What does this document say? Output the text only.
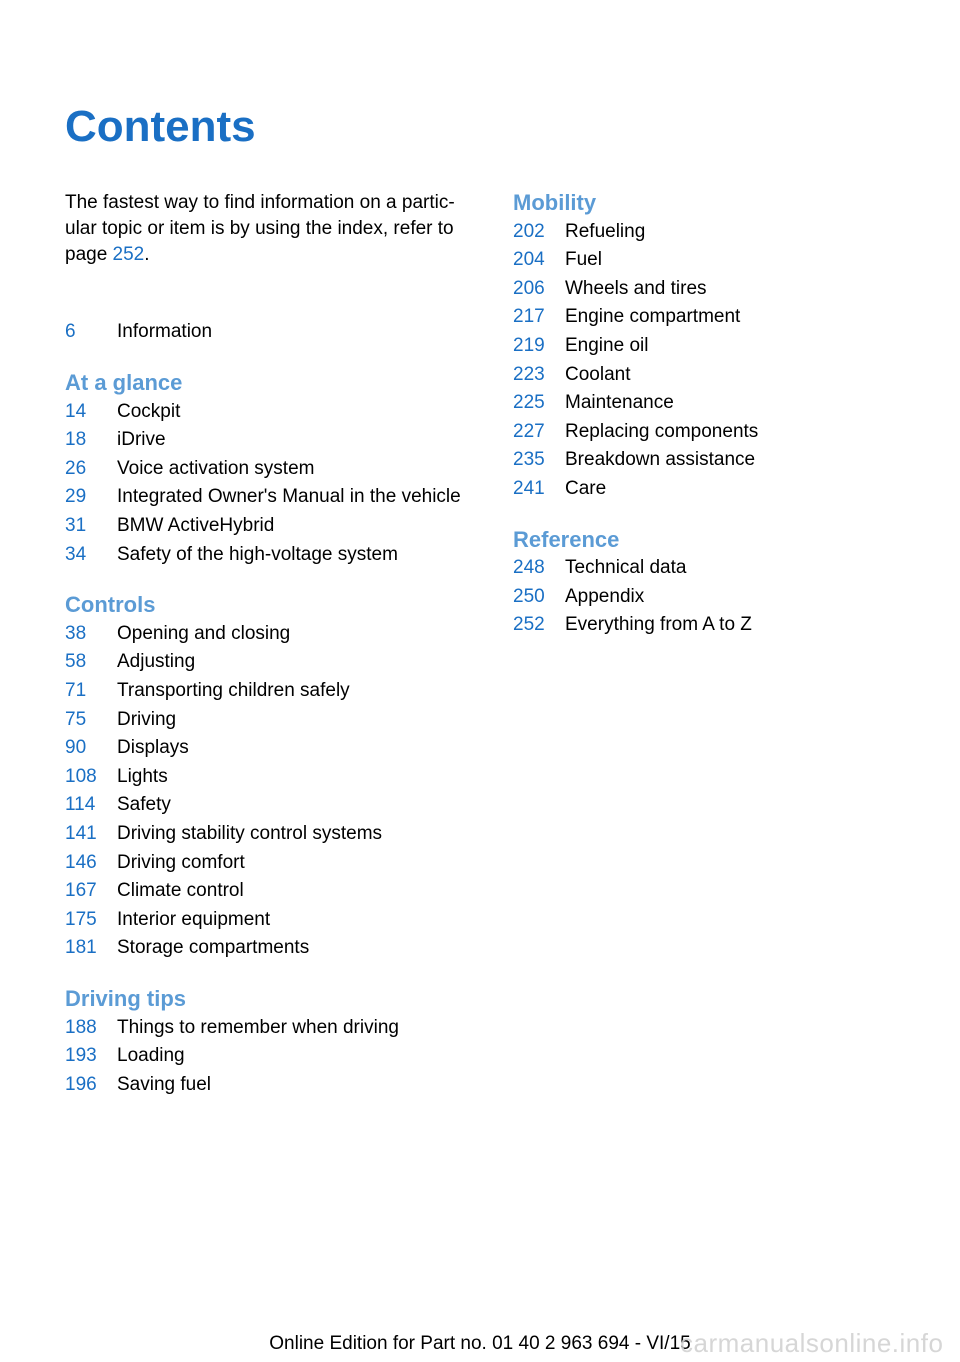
Contents
The fastest way to find information on a partic-
ular topic or item is by using the index, refer to
page 252.
6 Information
At a glance
14 Cockpit
18 iDrive
26 Voice activation system
29 Integrated Owner's Manual in the vehicle
31 BMW ActiveHybrid
34 Safety of the high-voltage system
Controls
38 Opening and closing
58 Adjusting
71 Transporting children safely
75 Driving
90 Displays
108 Lights
114 Safety
141 Driving stability control systems
146 Driving comfort
167 Climate control
175 Interior equipment
181 Storage compartments
Driving tips
188 Things to remember when driving
193 Loading
196 Saving fuel
Mobility
202 Refueling
204 Fuel
206 Wheels and tires
217 Engine compartment
219 Engine oil
223 Coolant
225 Maintenance
227 Replacing components
235 Breakdown assistance
241 Care
Reference
248 Technical data
250 Appendix
252 Everything from A to Z
Online Edition for Part no. 01 40 2 963 694 - VI/15
carmanualsonline.info
